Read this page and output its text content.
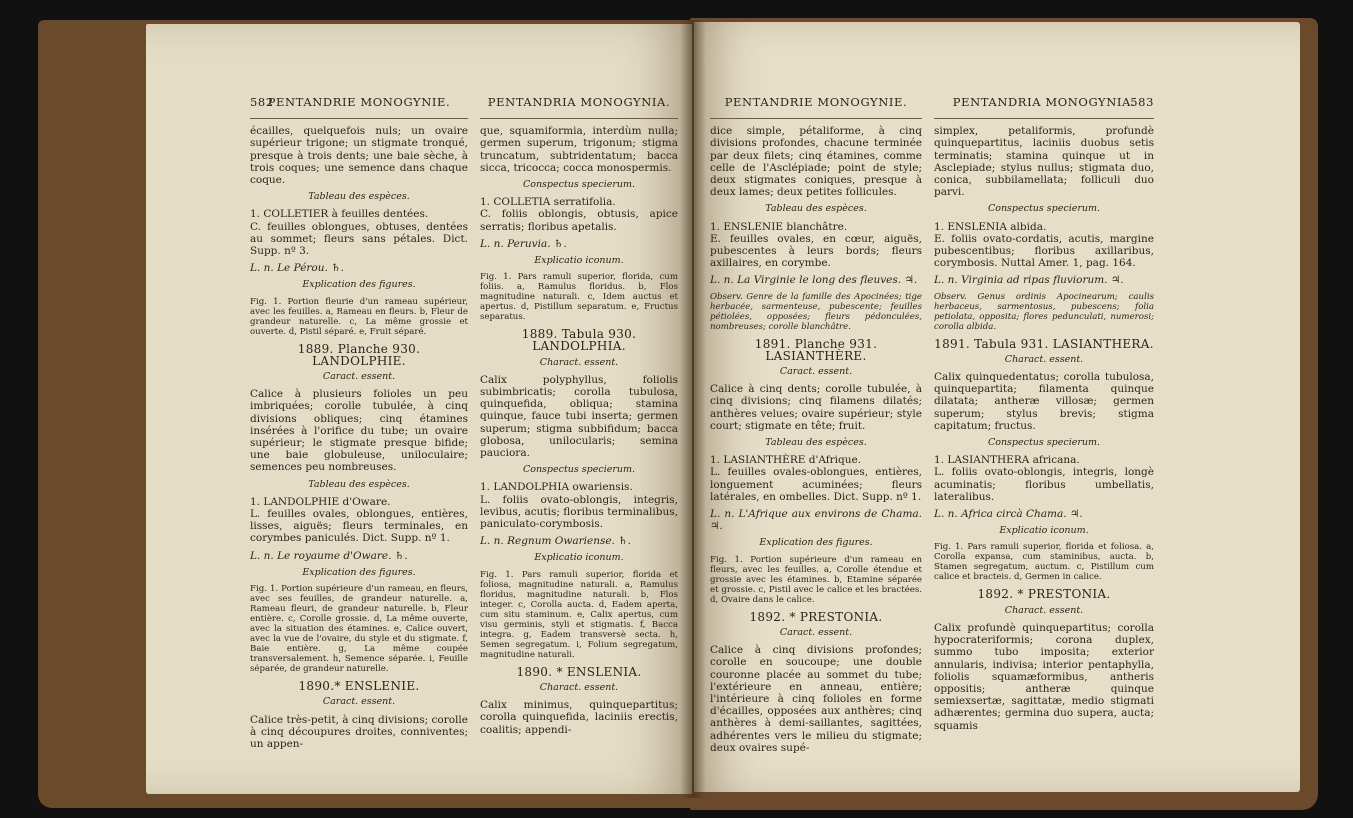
582
PENTANDRIE MONOGYNIE.

écailles, quelquefois nuls; un ovaire supérieur trigone; un stigmate tronqué, presque à trois dents; une baie sèche, à trois coques; une semence dans chaque coque.

Tableau des espèces.
1. COLLETIER à feuilles dentées.

C. feuilles oblongues, obtuses, dentées au sommet; fleurs sans pétales. Dict. Supp. nº 3.

L. n. Le Pérou. ♄.

Explication des figures.

Fig. 1. Portion fleurie d'un rameau supérieur, avec les feuilles. a, Rameau en fleurs. b, Fleur de grandeur naturelle. c, La même grossie et ouverte. d, Pistil séparé. e, Fruit séparé.

1889. Planche 930. LANDOLPHIE.
Caract. essent.

Calice à plusieurs folioles un peu imbriquées; corolle tubulée, à cinq divisions obliques; cinq étamines insérées à l'orifice du tube; un ovaire supérieur; le stigmate presque bifide; une baie globuleuse, uniloculaire; semences peu nombreuses.

Tableau des espèces.
1. LANDOLPHIE d'Oware.

L. feuilles ovales, oblongues, entières, lisses, aiguës; fleurs terminales, en corymbes paniculés. Dict. Supp. nº 1.

L. n. Le royaume d'Oware. ♄.

Explication des figures.

Fig. 1. Portion supérieure d'un rameau, en fleurs, avec ses feuilles, de grandeur naturelle. a, Rameau fleuri, de grandeur naturelle. b, Fleur entière. c, Corolle grossie. d, La même ouverte, avec la situation des étamines. e, Calice ouvert, avec la vue de l'ovaire, du style et du stigmate. f, Baie entière. g, La même coupée transversalement. h, Semence séparée. i, Feuille séparée, de grandeur naturelle.

1890.* ENSLENIE.
Caract. essent.

Calice très-petit, à cinq divisions; corolle à cinq découpures droites, conniventes; un appen-

PENTANDRIA MONOGYNIA.

que, squamiformia, interdùm nulla; germen superum, trigonum; stigma truncatum, subtridentatum; bacca sicca, tricocca; cocca monospermis.

Conspectus specierum.
1. COLLETIA serratifolia.

C. foliis oblongis, obtusis, apice serratis; floribus apetalis.

L. n. Peruvia. ♄.

Explicatio iconum.

Fig. 1. Pars ramuli superior, florida, cum foliis. a, Ramulus floridus. b, Flos magnitudine naturali. c, Idem auctus et apertus. d, Pistillum separatum. e, Fructus separatus.

1889. Tabula 930. LANDOLPHIA.
Charact. essent.

Calix polyphyllus, foliolis subimbricatis; corolla tubulosa, quinquefida, obliqua; stamina quinque, fauce tubi inserta; germen superum; stigma subbifidum; bacca globosa, unilocularis; semina pauciora.

Conspectus specierum.
1. LANDOLPHIA owariensis.

L. foliis ovato-oblongis, integris, levibus, acutis; floribus terminalibus, paniculato-corymbosis.

L. n. Regnum Owariense. ♄.

Explicatio iconum.

Fig. 1. Pars ramuli superior, florida et foliosa, magnitudine naturali. a, Ramulus floridus, magnitudine naturali. b, Flos integer. c, Corolla aucta. d, Eadem aperta, cum situ staminum. e, Calix apertus, cum visu germinis, styli et stigmatis. f, Bacca integra. g, Eadem transversè secta. h, Semen segregatum. i, Folium segregatum, magnitudine naturali.

1890. * ENSLENIA.
Charact. essent.

Calix minimus, quinquepartitus; corolla quinquefida, laciniis erectis, coalitis; appendi-

PENTANDRIE MONOGYNIE.

dice simple, pétaliforme, à cinq divisions profondes, chacune terminée par deux filets; cinq étamines, comme celle de l'Asclépiade; point de style; deux stigmates coniques, presque à deux lames; deux petites follicules.

Tableau des espèces.
1. ENSLENIE blanchâtre.

E. feuilles ovales, en cœur, aiguës, pubescentes à leurs bords; fleurs axillaires, en corymbe.

L. n. La Virginie le long des fleuves. ♃.

Observ. Genre de la famille des Apocinées; tige herbacée, sarmenteuse, pubescente; feuilles pétiolées, opposées; fleurs pédonculées, nombreuses; corolle blanchâtre.

1891. Planche 931. LASIANTHÈRE.
Caract. essent.

Calice à cinq dents; corolle tubulée, à cinq divisions; cinq filamens dilatés; anthères velues; ovaire supérieur; style court; stigmate en tête; fruit.

Tableau des espèces.
1. LASIANTHÈRE d'Afrique.

L. feuilles ovales-oblongues, entières, longuement acuminées; fleurs latérales, en ombelles. Dict. Supp. nº 1.

L. n. L'Afrique aux environs de Chama. ♃.

Explication des figures.

Fig. 1. Portion supérieure d'un rameau en fleurs, avec les feuilles. a, Corolle étendue et grossie avec les étamines. b, Etamine séparée et grossie. c, Pistil avec le calice et les bractées. d, Ovaire dans le calice.

1892. * PRESTONIA.
Caract. essent.

Calice à cinq divisions profondes; corolle en soucoupe; une double couronne placée au sommet du tube; l'extérieure en anneau, entière; l'intérieure à cinq folioles en forme d'écailles, opposées aux anthères; cinq anthères à demi-saillantes, sagittées, adhérentes vers le milieu du stigmate; deux ovaires supé-

PENTANDRIA MONOGYNIA.
583

simplex, petaliformis, profundè quinquepartitus, laciniis duobus setis terminatis; stamina quinque ut in Asclepiade; stylus nullus; stigmata duo, conica, subbilamellata; folliculi duo parvi.

Conspectus specierum.
1. ENSLENIA albida.

E. foliis ovato-cordatis, acutis, margine pubescentibus; floribus axillaribus, corymbosis. Nuttal Amer. 1, pag. 164.

L. n. Virginia ad ripas fluviorum. ♃.

Observ. Genus ordinis Apocinearum; caulis herbaceus, sarmentosus, pubescens; folia petiolata, opposita; flores pedunculati, numerosi; corolla albida.

1891. Tabula 931. LASIANTHERA.
Charact. essent.

Calix quinquedentatus; corolla tubulosa, quinquepartita; filamenta quinque dilatata; antheræ villosæ; germen superum; stylus brevis; stigma capitatum; fructus.

Conspectus specierum.
1. LASIANTHERA africana.

L. foliis ovato-oblongis, integris, longè acuminatis; floribus umbellatis, lateralibus.

L. n. Africa circà Chama. ♃.

Explicatio iconum.

Fig. 1. Pars ramuli superior, florida et foliosa. a, Corolla expansa, cum staminibus, aucta. b, Stamen segregatum, auctum. c, Pistillum cum calice et bracteis. d, Germen in calice.

1892. * PRESTONIA.
Charact. essent.

Calix profundè quinquepartitus; corolla hypocrateriformis; corona duplex, summo tubo imposita; exterior annularis, indivisa; interior pentaphylla, foliolis squamæformibus, antheris oppositis; antheræ quinque semiexsertæ, sagittatæ, medio stigmati adhærentes; germina duo supera, aucta; squamis
